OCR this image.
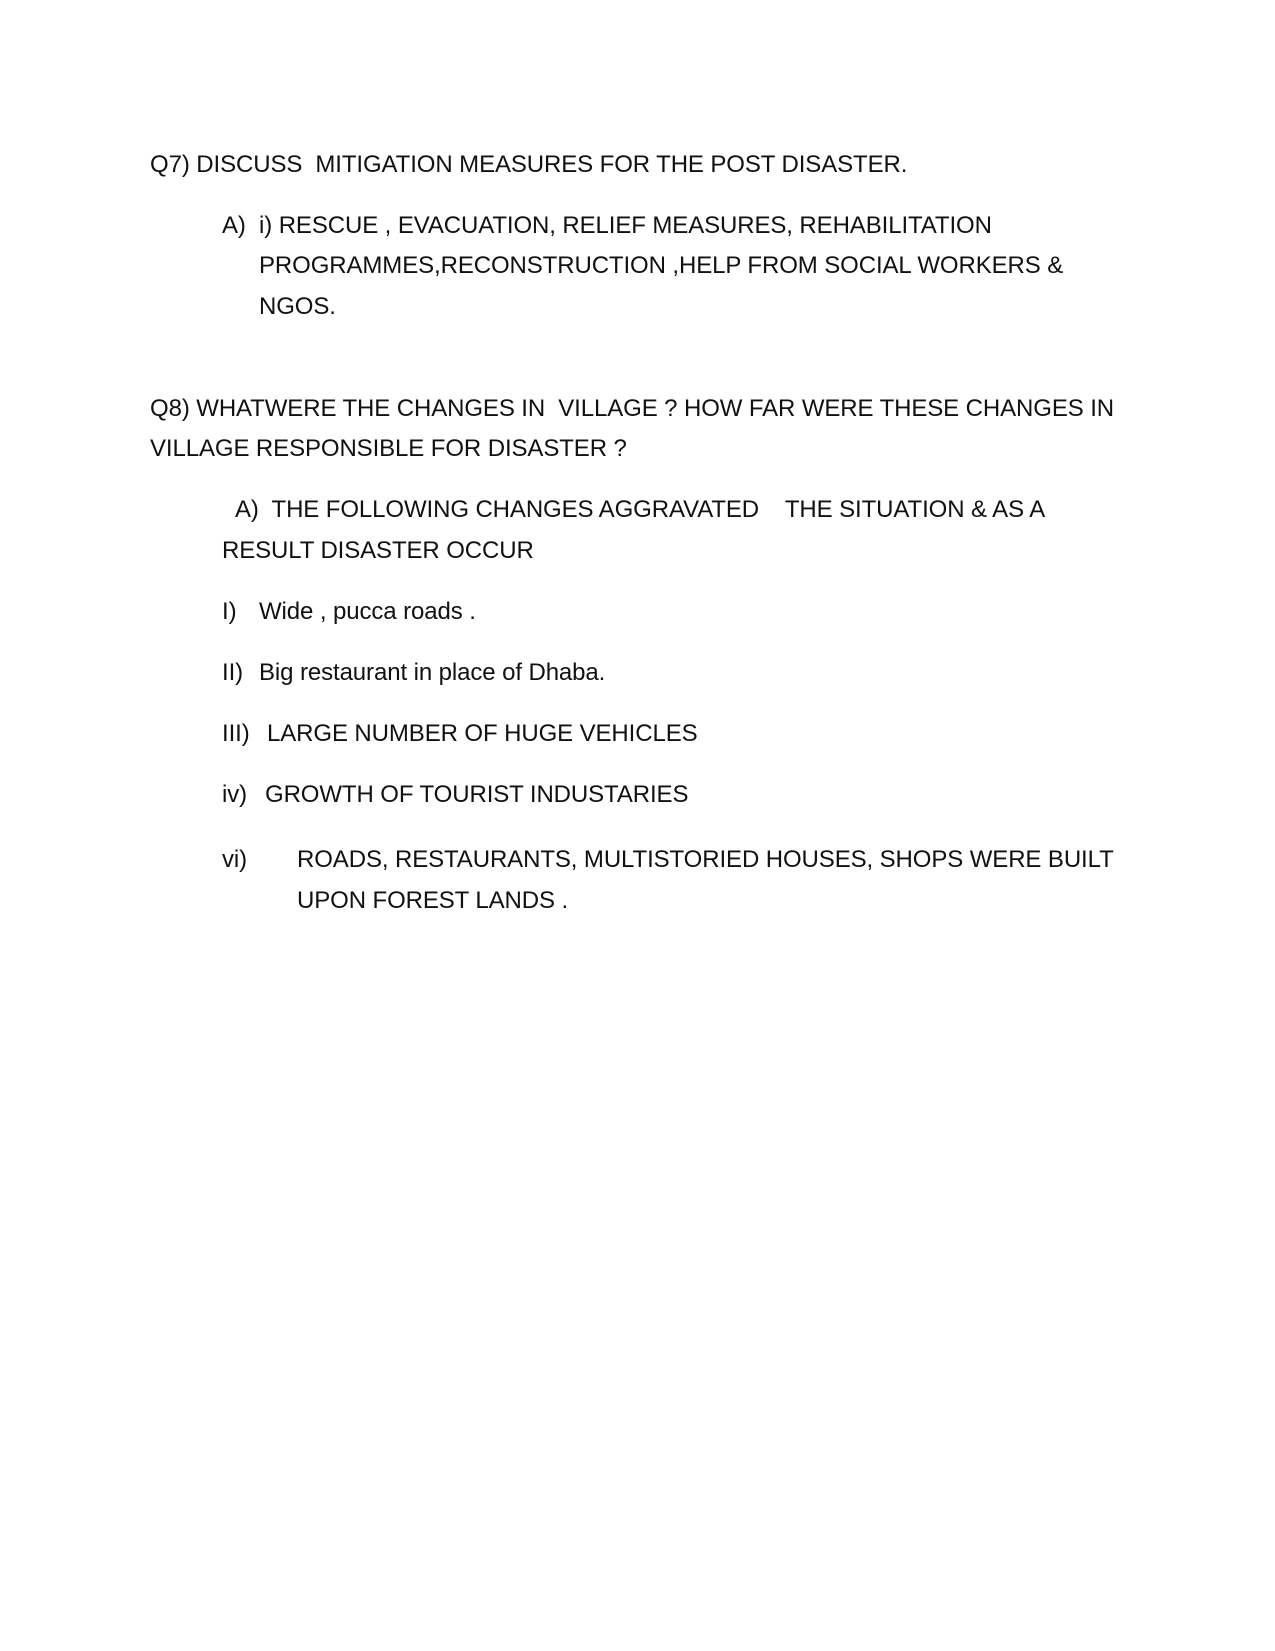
Q7) DISCUSS  MITIGATION MEASURES FOR THE POST DISASTER.
A) i) RESCUE , EVACUATION, RELIEF MEASURES, REHABILITATION
PROGRAMMES,RECONSTRUCTION ,HELP FROM SOCIAL WORKERS &
NGOS.
Q8) WHATWERE THE CHANGES IN  VILLAGE ? HOW FAR WERE THESE CHANGES IN
VILLAGE RESPONSIBLE FOR DISASTER ?
A)  THE FOLLOWING CHANGES AGGRAVATED    THE SITUATION & AS A
RESULT DISASTER OCCUR
I) Wide , pucca roads .
II) Big restaurant in place of Dhaba.
III) LARGE NUMBER OF HUGE VEHICLES
iv) GROWTH OF TOURIST INDUSTARIES
vi) ROADS, RESTAURANTS, MULTISTORIED HOUSES, SHOPS WERE BUILT
UPON FOREST LANDS .
